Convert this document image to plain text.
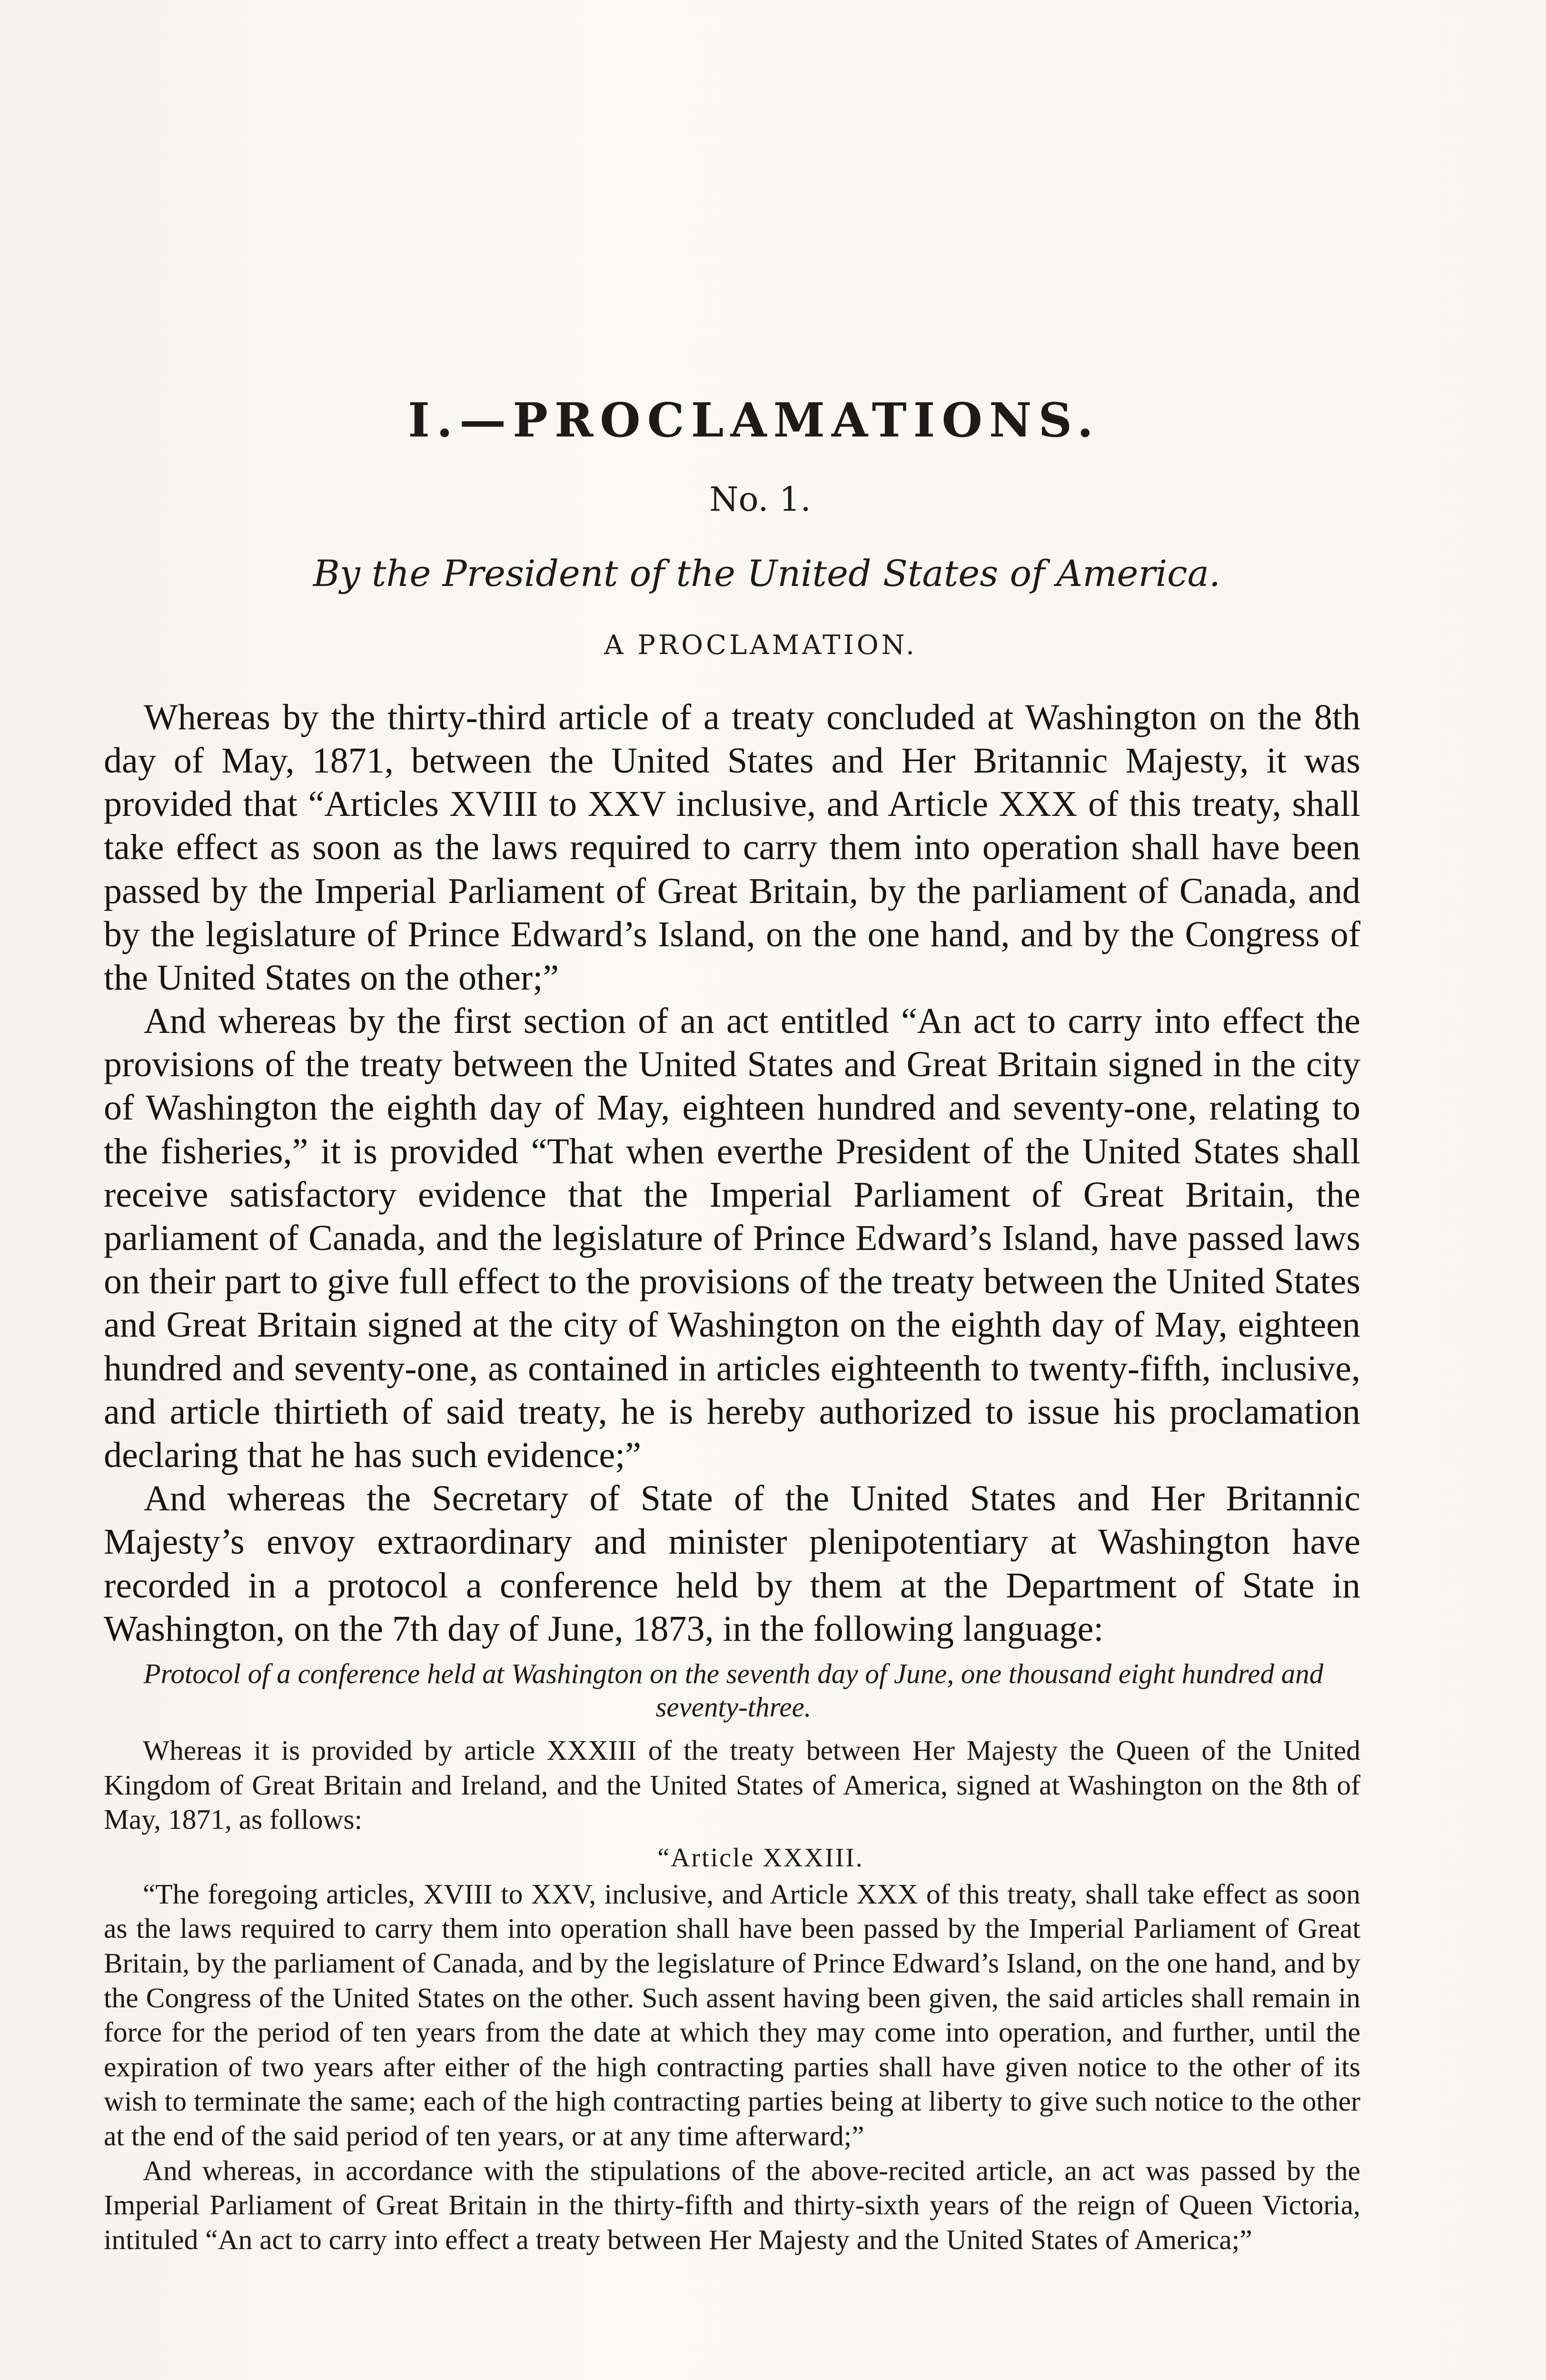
I.—PROCLAMATIONS.
No. 1.
By the President of the United States of America.
A PROCLAMATION.

Whereas by the thirty-third article of a treaty concluded at Washington on the 8th day of May, 1871, between the United States and Her Britannic Majesty, it was provided that “Articles XVIII to XXV inclusive, and Article XXX of this treaty, shall take effect as soon as the laws required to carry them into operation shall have been passed by the Imperial Parliament of Great Britain, by the parliament of Canada, and by the legislature of Prince Edward’s Island, on the one hand, and by the Congress of the United States on the other;”

And whereas by the first section of an act entitled “An act to carry into effect the provisions of the treaty between the United States and Great Britain signed in the city of Washington the eighth day of May, eighteen hundred and seventy-one, relating to the fisheries,” it is provided “That when everthe President of the United States shall receive satisfactory evidence that the Imperial Parliament of Great Britain, the parliament of Canada, and the legislature of Prince Edward’s Island, have passed laws on their part to give full effect to the provisions of the treaty between the United States and Great Britain signed at the city of Washington on the eighth day of May, eighteen hundred and seventy-one, as contained in articles eighteenth to twenty-fifth, inclusive, and article thirtieth of said treaty, he is hereby authorized to issue his proclamation declaring that he has such evidence;”

And whereas the Secretary of State of the United States and Her Britannic Majesty’s envoy extraordinary and minister plenipotentiary at Washington have recorded in a protocol a conference held by them at the Department of State in Washington, on the 7th day of June, 1873, in the following language:

Protocol of a conference held at Washington on the seventh day of June, one thousand eight hundred and seventy-three.

Whereas it is provided by article XXXIII of the treaty between Her Majesty the Queen of the United Kingdom of Great Britain and Ireland, and the United States of America, signed at Washington on the 8th of May, 1871, as follows:

“Article XXXIII.

“The foregoing articles, XVIII to XXV, inclusive, and Article XXX of this treaty, shall take effect as soon as the laws required to carry them into operation shall have been passed by the Imperial Parliament of Great Britain, by the parliament of Canada, and by the legislature of Prince Edward’s Island, on the one hand, and by the Congress of the United States on the other. Such assent having been given, the said articles shall remain in force for the period of ten years from the date at which they may come into operation, and further, until the expiration of two years after either of the high contracting parties shall have given notice to the other of its wish to terminate the same; each of the high contracting parties being at liberty to give such notice to the other at the end of the said period of ten years, or at any time afterward;”

And whereas, in accordance with the stipulations of the above-recited article, an act was passed by the Imperial Parliament of Great Britain in the thirty-fifth and thirty-sixth years of the reign of Queen Victoria, intituled “An act to carry into effect a treaty between Her Majesty and the United States of America;”
